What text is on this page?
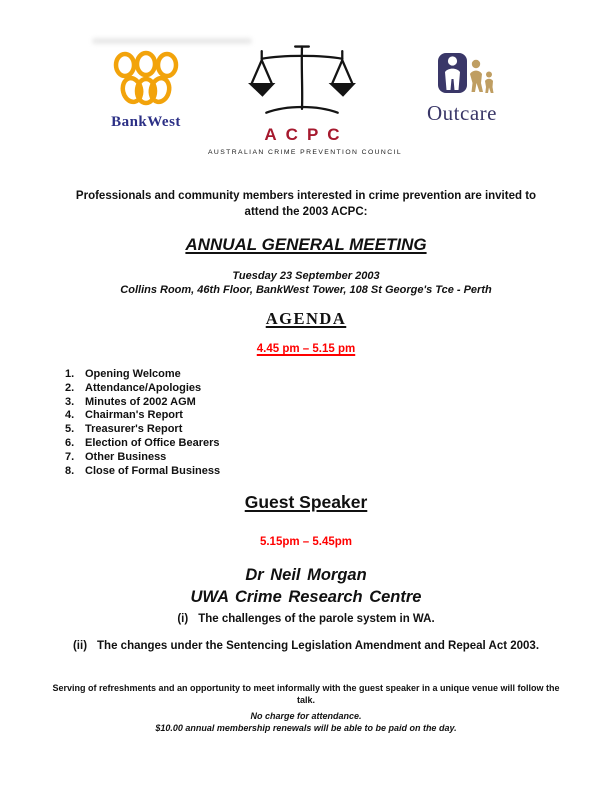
BankWest
ACPC
AUSTRALIAN CRIME PREVENTION COUNCIL
Outcare
Professionals and community members interested in crime prevention are invited to attend the 2003 ACPC:
ANNUAL GENERAL MEETING
Tuesday 23 September 2003
Collins Room, 46th Floor, BankWest Tower, 108 St George's Tce - Perth
AGENDA
4.45 pm – 5.15 pm
1. Opening Welcome
2. Attendance/Apologies
3. Minutes of 2002 AGM
4. Chairman's Report
5. Treasurer's Report
6. Election of Office Bearers
7. Other Business
8. Close of Formal Business
Guest Speaker
5.15pm – 5.45pm
Dr Neil Morgan
UWA Crime Research Centre
(i) The challenges of the parole system in WA.
(ii) The changes under the Sentencing Legislation Amendment and Repeal Act 2003.
Serving of refreshments and an opportunity to meet informally with the guest speaker in a unique venue will follow the talk.
No charge for attendance.
$10.00 annual membership renewals will be able to be paid on the day.
